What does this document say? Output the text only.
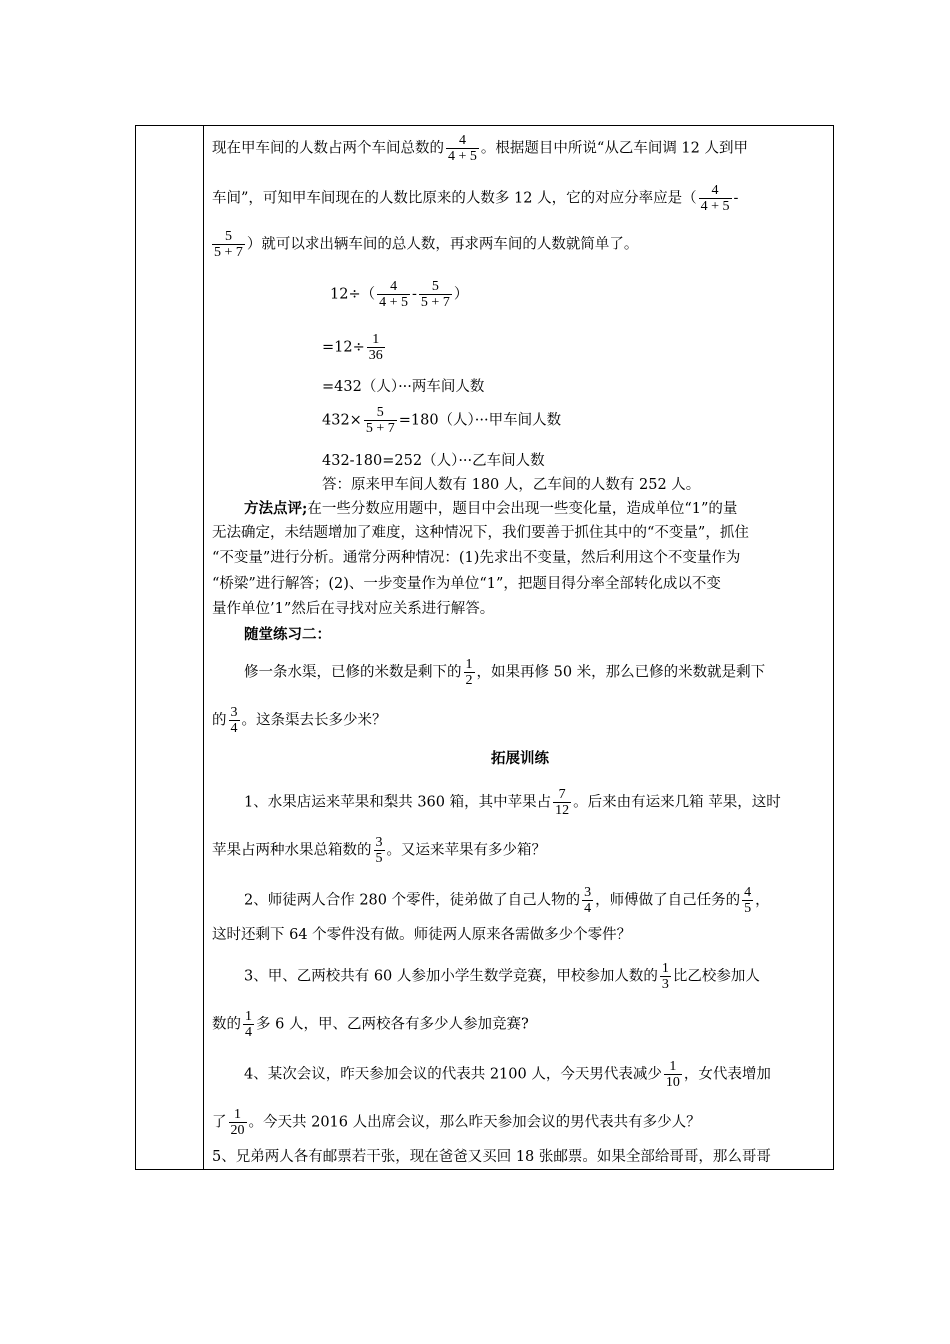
现在甲车间的人数占两个车间总数的 $\frac{4}{4 + 5}$ 。根据题目中所说“从乙车间调 12 人到甲
车间”，可知甲车间现在的人数比原来的人数多 12 人，它的对应分率应是（ $\frac{4}{4 + 5}$ -
$\frac{5}{5 + 7}$ ）就可以求出辆车间的总人数，再求两车间的人数就简单了。
$12\div( \frac{4}{4 + 5} - \frac{5}{5 + 7}$ ）
$=12\div \frac{1}{36}$
=432（人）···两车间人数
$432\times \frac{5}{5 + 7} =180$（人）···甲车间人数
432-180=252（人）···乙车间人数
答：原来甲车间人数有 180 人，乙车间的人数有 252 人。
方法点评;在一些分数应用题中，题目中会出现一些变化量，造成单位“1”的量
无法确定，未结题增加了难度，这种情况下，我们要善于抓住其中的“不变量”，抓住
“不变量”进行分析。通常分两种情况：(1)先求出不变量，然后利用这个不变量作为
“桥梁”进行解答；(2)、一步变量作为单位“1”，把题目得分率全部转化成以不变
量作单位’1”然后在寻找对应关系进行解答。
随堂练习二：
修一条水渠，已修的米数是剩下的 $\frac{1}{2}$ ，如果再修 50 米，那么已修的米数就是剩下
的 $\frac{3}{4}$ 。这条渠去长多少米？
拓展训练
1、水果店运来苹果和梨共 360 箱，其中苹果占 $\frac{7}{12}$ 。后来由有运来几箱 苹果，这时
苹果占两种水果总箱数的 $\frac{3}{5}$ 。又运来苹果有多少箱？
2、师徒两人合作 280 个零件，徒弟做了自己人物的 $\frac{3}{4}$ ，师傅做了自己任务的 $\frac{4}{5}$ ，
这时还剩下 64 个零件没有做。师徒两人原来各需做多少个零件？
3、甲、乙两校共有 60 人参加小学生数学竞赛，甲校参加人数的 $\frac{1}{3}$ 比乙校参加人
数的 $\frac{1}{4}$ 多 6 人，甲、乙两校各有多少人参加竞赛?
4、某次会议，昨天参加会议的代表共 2100 人，今天男代表减少 $\frac{1}{10}$ ，女代表增加
了 $\frac{1}{20}$ 。今天共 2016 人出席会议，那么昨天参加会议的男代表共有多少人？
5、兄弟两人各有邮票若干张，现在爸爸又买回 18 张邮票。如果全部给哥哥，那么哥哥
